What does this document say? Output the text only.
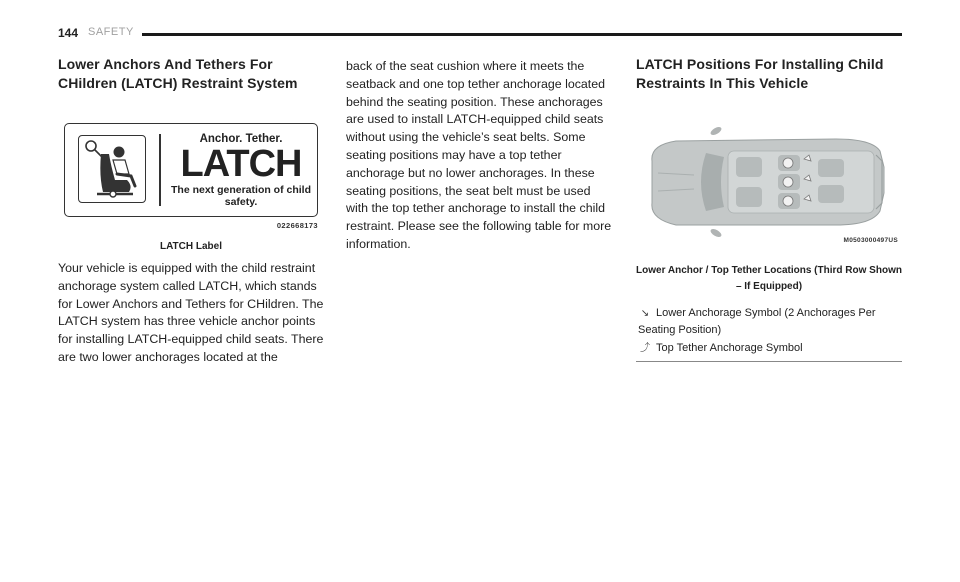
144 SAFETY
Lower Anchors And Tethers For CHildren (LATCH) Restraint System
Anchor. Tether.
LATCH
The next generation of child safety.
022668173
LATCH Label

Your vehicle is equipped with the child restraint anchorage system called LATCH, which stands for Lower Anchors and Tethers for CHildren. The LATCH system has three vehicle anchor points for installing LATCH-equipped child seats. There are two lower anchorages located at the

back of the seat cushion where it meets the seatback and one top tether anchorage located behind the seating position. These anchorages are used to install LATCH-equipped child seats without using the vehicle’s seat belts. Some seating positions may have a top tether anchorage but no lower anchorages. In these seating positions, the seat belt must be used with the top tether anchorage to install the child restraint. Please see the following table for more information.

LATCH Positions For Installing Child Restraints In This Vehicle
M0503000497US
Lower Anchor / Top Tether Locations (Third Row Shown – If Equipped)
↘ Lower Anchorage Symbol (2 Anchorages Per Seating Position)
⤴ Top Tether Anchorage Symbol
